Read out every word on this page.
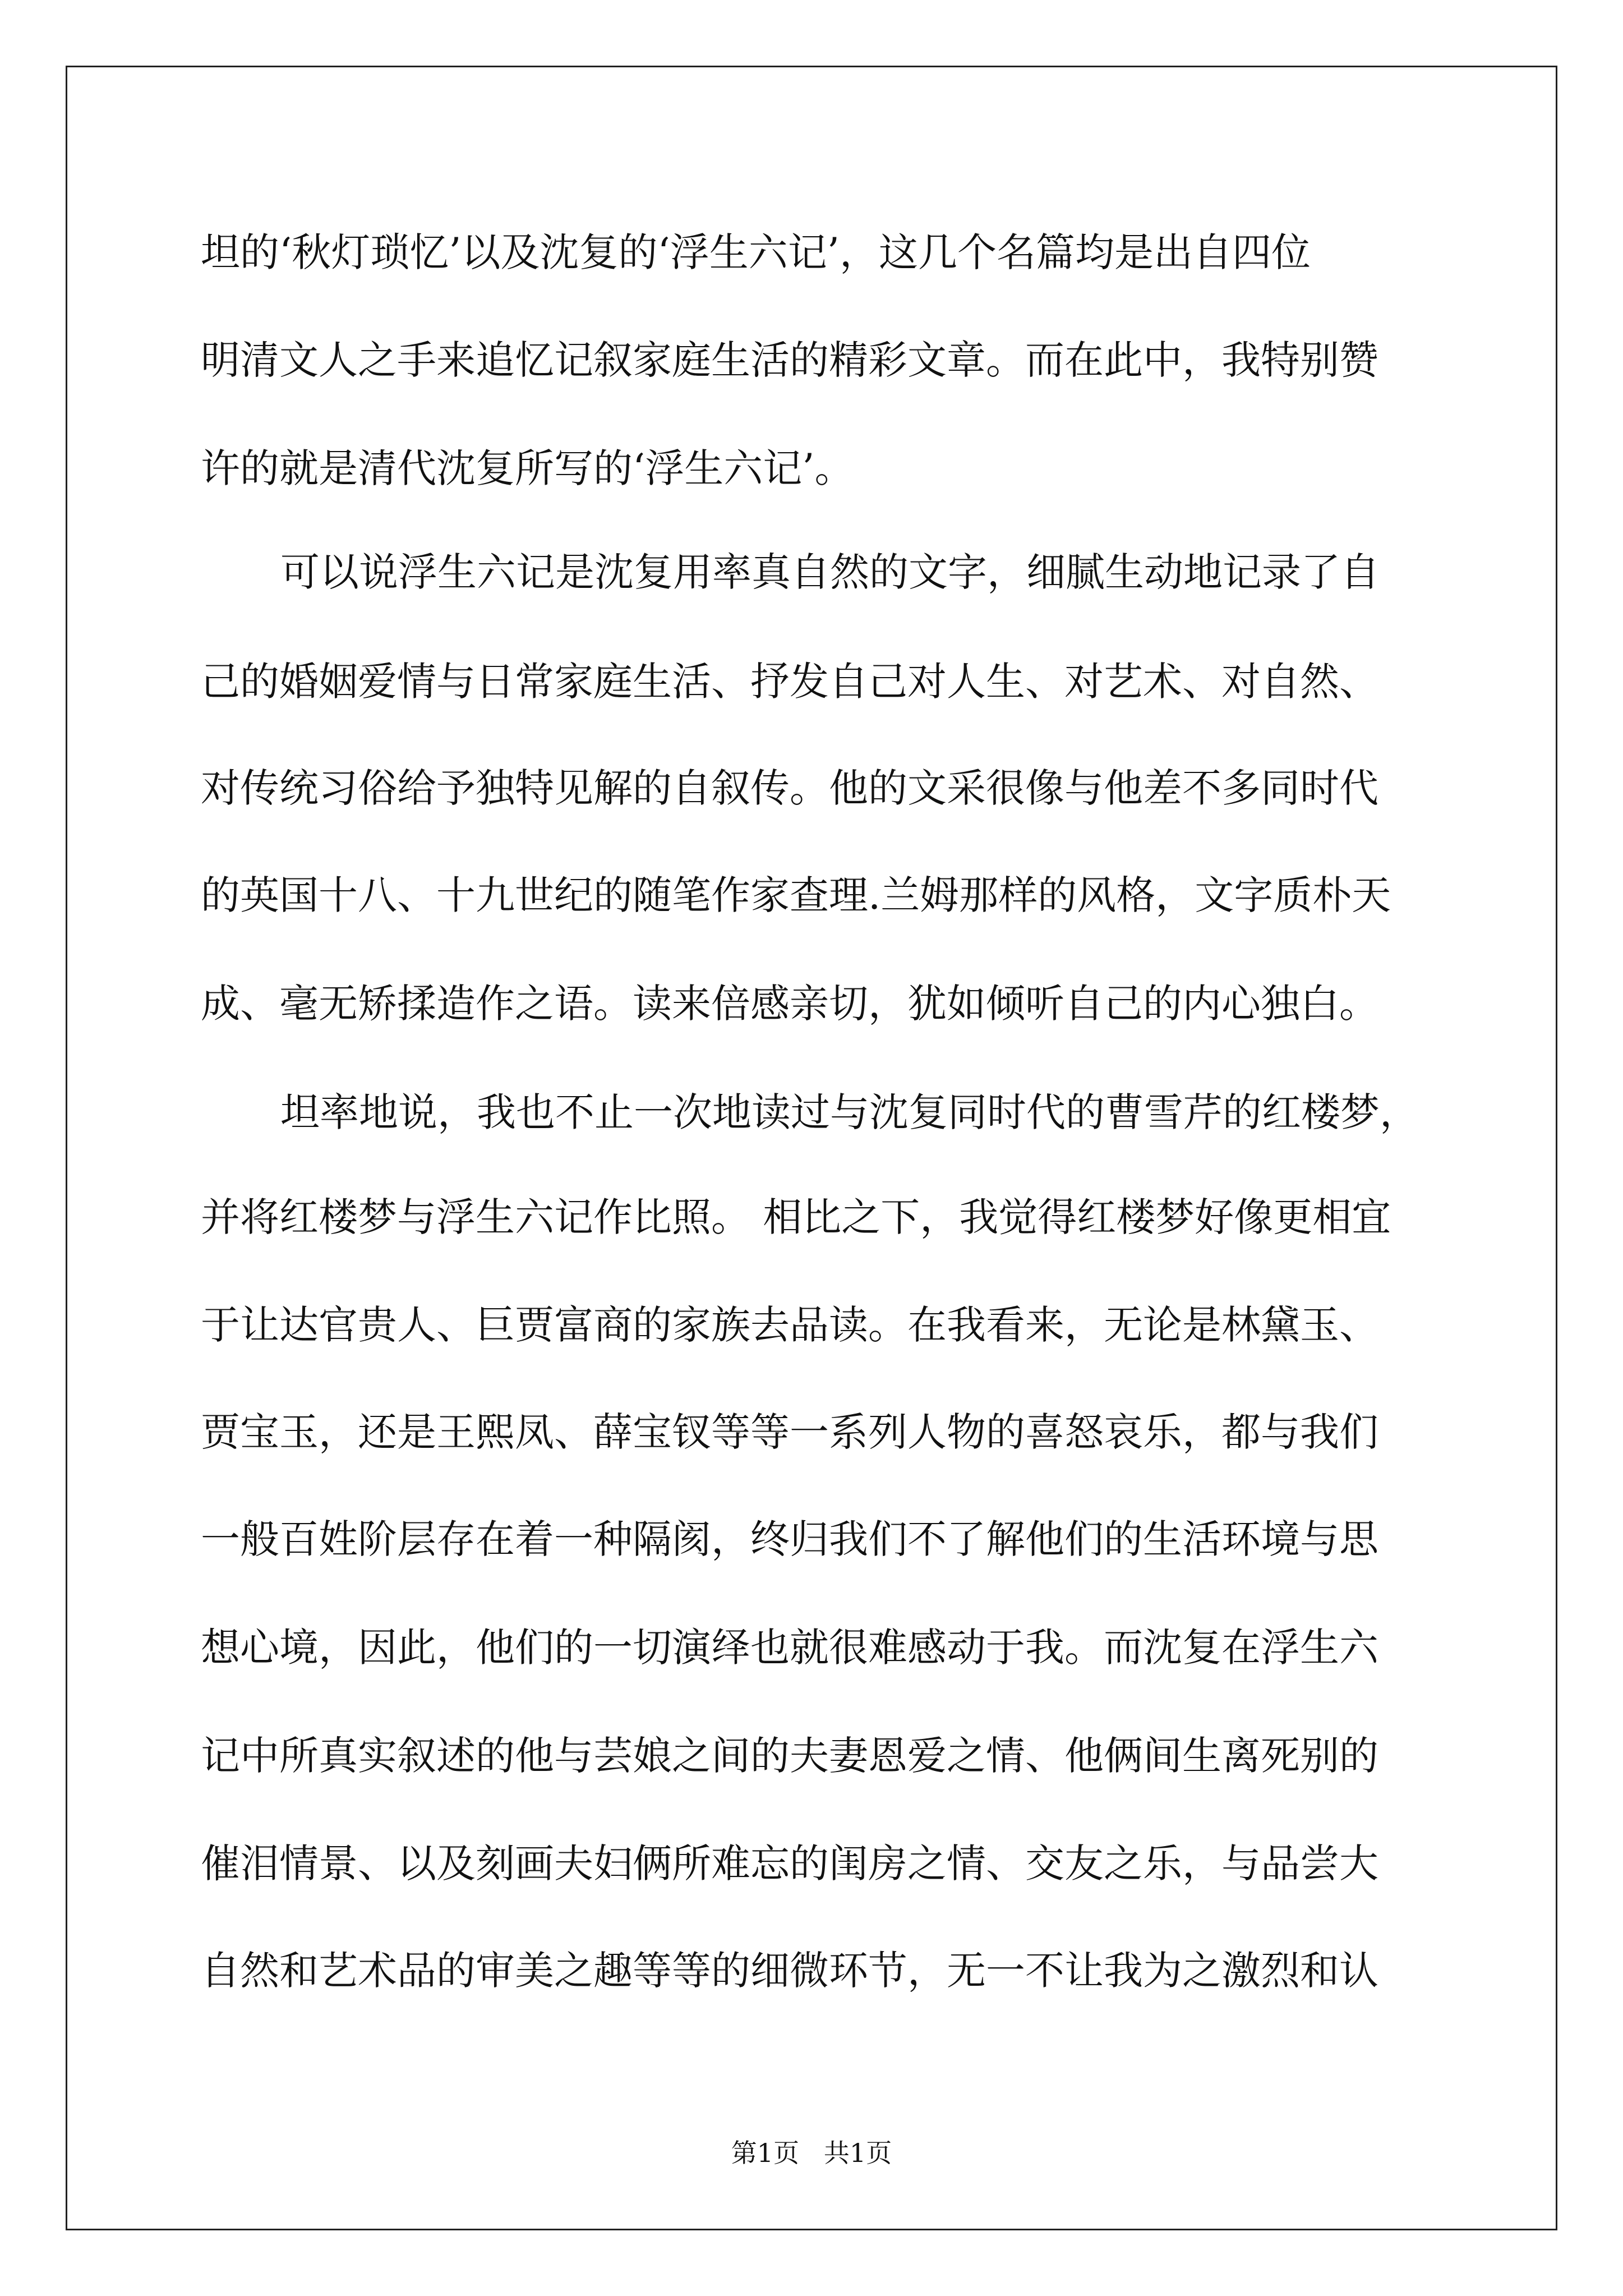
坦的‘秋灯琐忆’以及沈复的‘浮生六记’，这几个名篇均是出自四位

明清文人之手来追忆记叙家庭生活的精彩文章。而在此中，我特别赞

许的就是清代沈复所写的‘浮生六记’。

可以说浮生六记是沈复用率真自然的文字，细腻生动地记录了自

己的婚姻爱情与日常家庭生活、抒发自己对人生、对艺术、对自然、

对传统习俗给予独特见解的自叙传。他的文采很像与他差不多同时代

的英国十八、十九世纪的随笔作家查理.兰姆那样的风格，文字质朴天

成、毫无矫揉造作之语。读来倍感亲切，犹如倾听自己的内心独白。

坦率地说，我也不止一次地读过与沈复同时代的曹雪芹的红楼梦，

并将红楼梦与浮生六记作比照。 相比之下，我觉得红楼梦好像更相宜

于让达官贵人、巨贾富商的家族去品读。在我看来，无论是林黛玉、

贾宝玉，还是王熙凤、薛宝钗等等一系列人物的喜怒哀乐，都与我们

一般百姓阶层存在着一种隔阂，终归我们不了解他们的生活环境与思

想心境，因此，他们的一切演绎也就很难感动于我。而沈复在浮生六

记中所真实叙述的他与芸娘之间的夫妻恩爱之情、他俩间生离死别的

催泪情景、以及刻画夫妇俩所难忘的闺房之情、交友之乐，与品尝大

自然和艺术品的审美之趣等等的细微环节，无一不让我为之激烈和认

第1页   共1页
